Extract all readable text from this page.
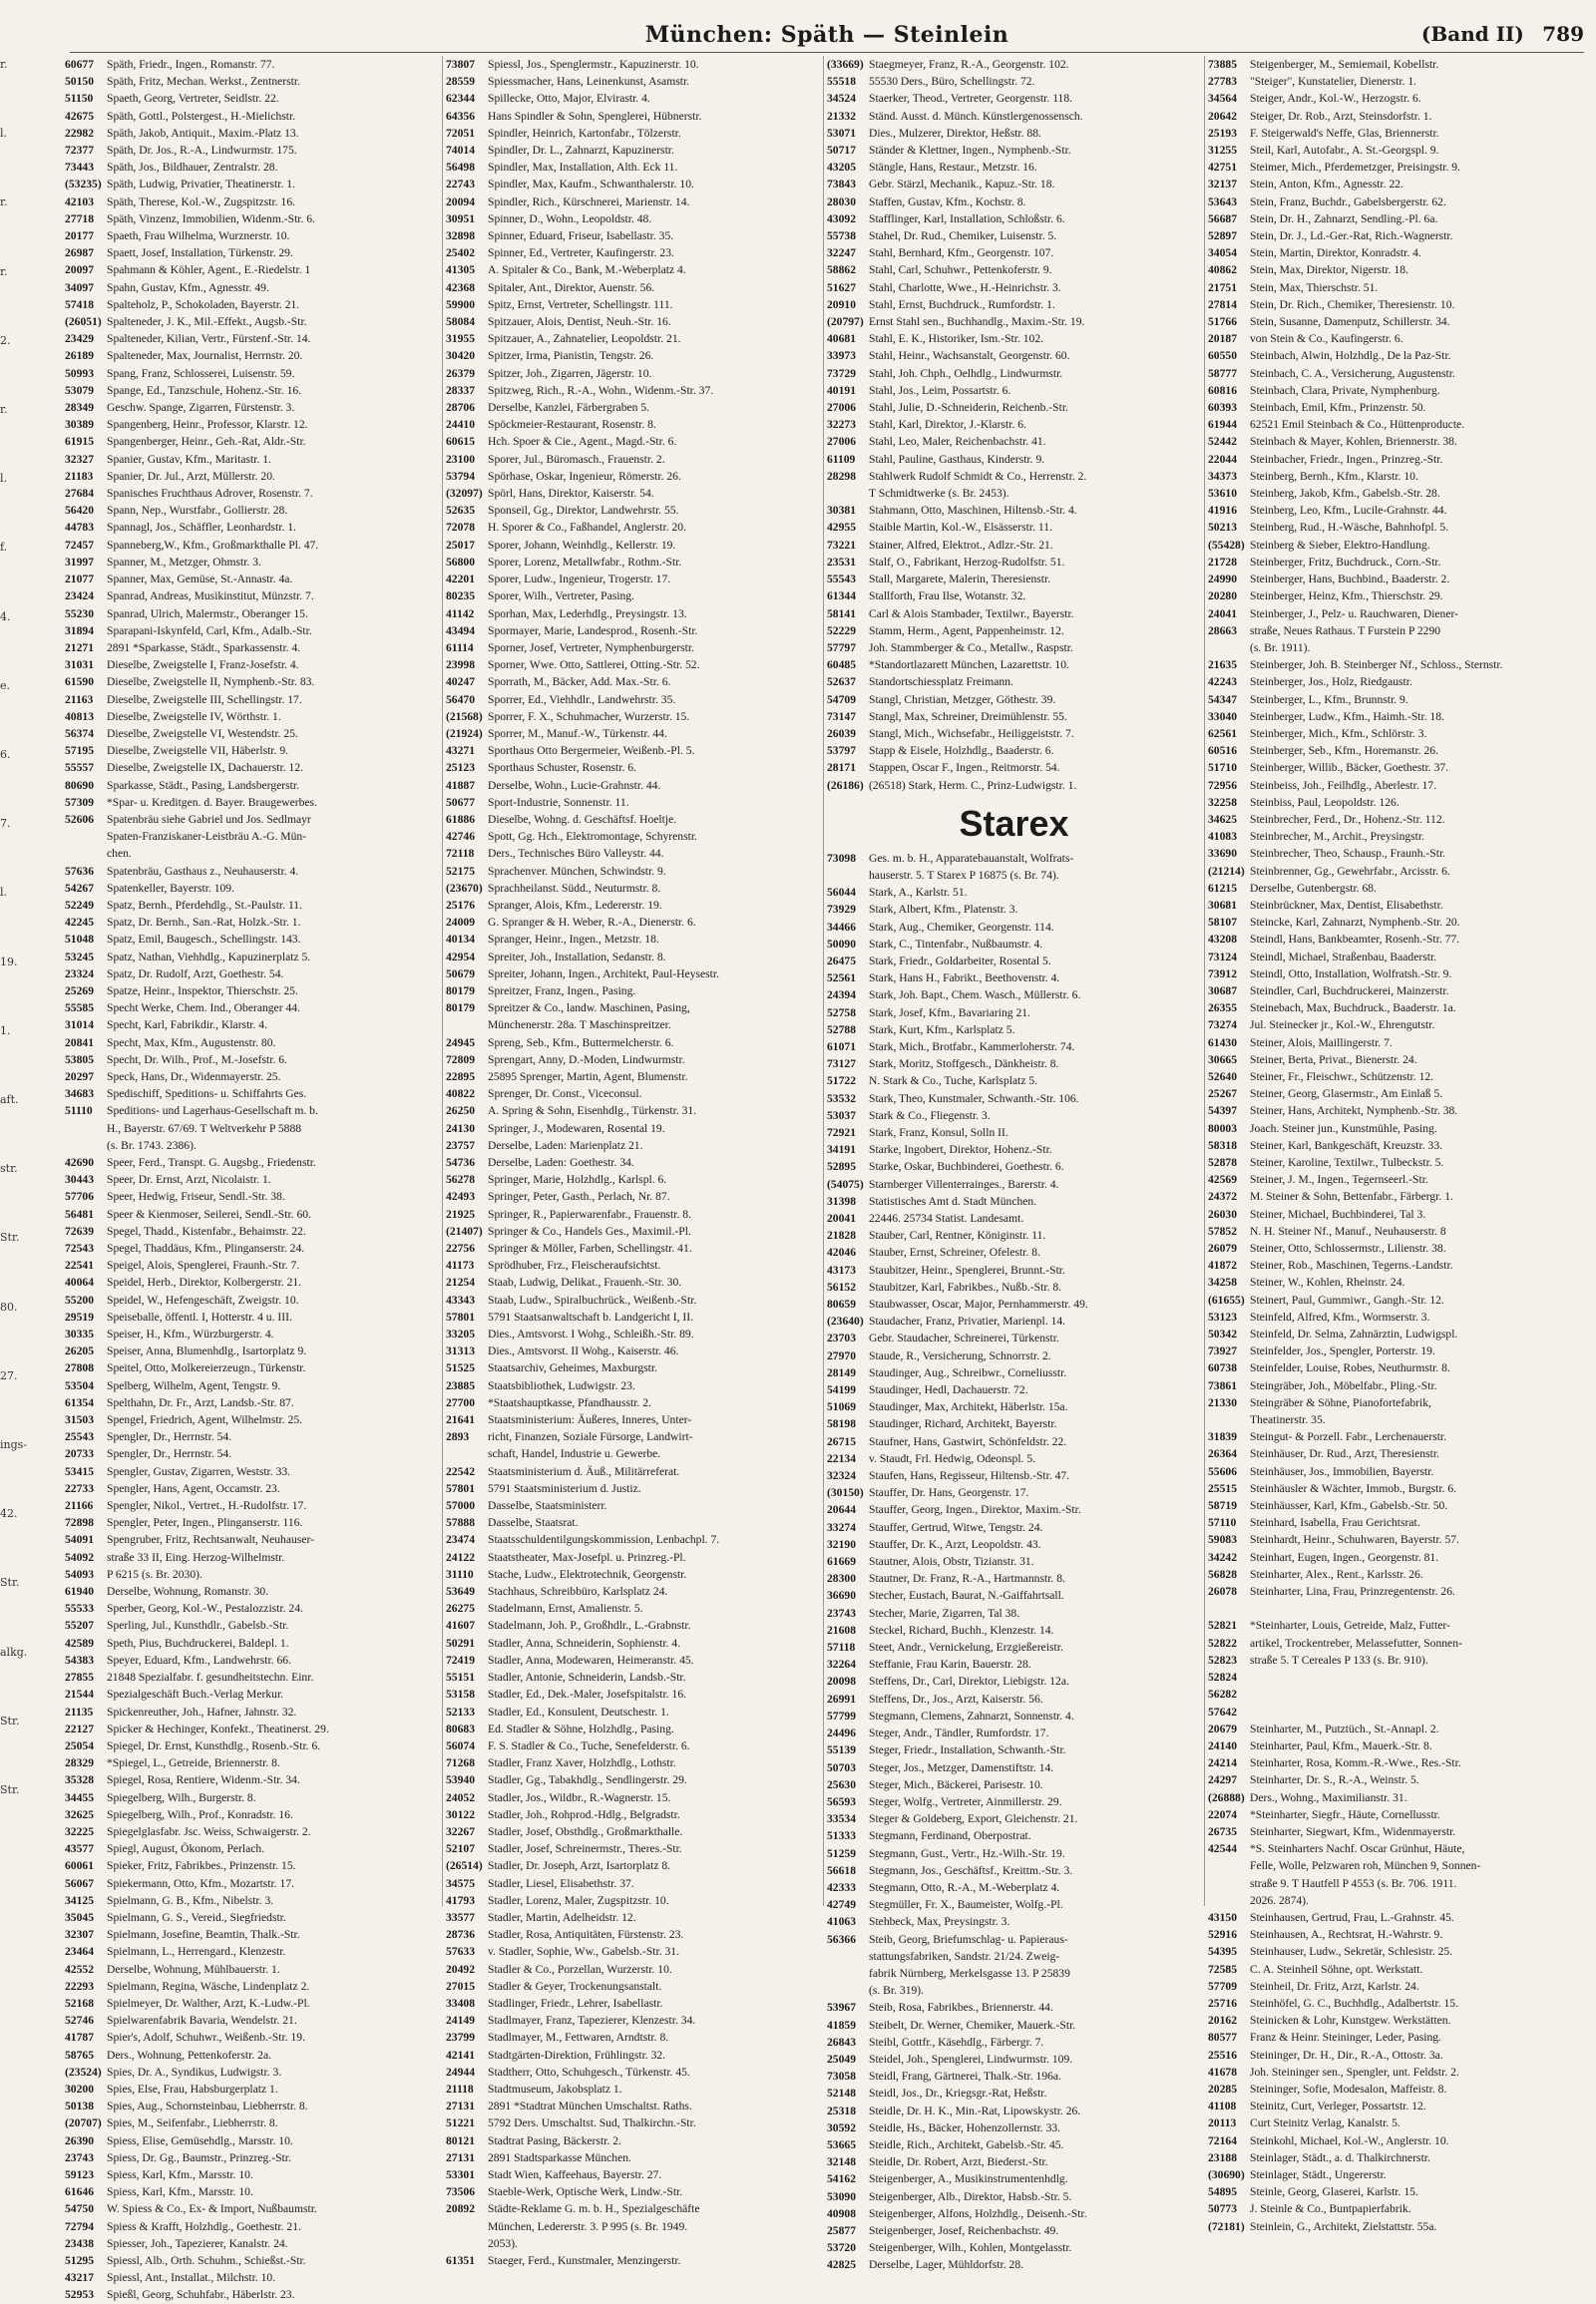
München: Späth — Steinlein	(Band II) 789
r.
l.
r.
r.
2.
r.
l.
f.
4.
e.
6.
7.
l.
19.
1.
aft.
str.
Str.
80.
27.
ings-
42.
Str.
alkg.
Str.
Str.
60677 Späth, Friedr., Ingen., Romanstr. 77.
50150 Späth, Fritz, Mechan. Werkst., Zentnerstr.
51150 Spaeth, Georg, Vertreter, Seidlstr. 22.
42675 Späth, Gottl., Polstergest., H.-Mielichstr.
22982 Späth, Jakob, Antiquit., Maxim.-Platz 13.
72377 Späth, Dr. Jos., R.-A., Lindwurmstr. 175.
73443 Späth, Jos., Bildhauer, Zentralstr. 28.
(53235) Späth, Ludwig, Privatier, Theatinerstr. 1.
42103 Späth, Therese, Kol.-W., Zugspitzstr. 16.
27718 Späth, Vinzenz, Immobilien, Widenm.-Str. 6.
20177 Spaeth, Frau Wilhelma, Wurznerstr. 10.
26987 Spaett, Josef, Installation, Türkenstr. 29.
20097 Spahmann & Köhler, Agent., E.-Riedelstr. 1
34097 Spahn, Gustav, Kfm., Agnesstr. 49.
57418 Spalteholz, P., Schokoladen, Bayerstr. 21.
(26051) Spalteneder, J. K., Mil.-Effekt., Augsb.-Str.
23429 Spalteneder, Kilian, Vertr., Fürstenf.-Str. 14.
26189 Spalteneder, Max, Journalist, Herrnstr. 20.
50993 Spang, Franz, Schlosserei, Luisenstr. 59.
53079 Spange, Ed., Tanzschule, Hohenz.-Str. 16.
28349 Geschw. Spange, Zigarren, Fürstenstr. 3.
30389 Spangenberg, Heinr., Professor, Klarstr. 12.
61915 Spangenberger, Heinr., Geh.-Rat, Aldr.-Str.
32327 Spanier, Gustav, Kfm., Maritastr. 1.
21183 Spanier, Dr. Jul., Arzt, Müllerstr. 20.
27684 Spanisches Fruchthaus Adrover, Rosenstr. 7.
56420 Spann, Nep., Wurstfabr., Gollierstr. 28.
44783 Spannagl, Jos., Schäffler, Leonhardstr. 1.
72457 Spanneberg,W., Kfm., Großmarkthalle Pl. 47.
31997 Spanner, M., Metzger, Ohmstr. 3.
21077 Spanner, Max, Gemüse, St.-Annastr. 4a.
23424 Spanrad, Andreas, Musikinstitut, Münzstr. 7.
55230 Spanrad, Ulrich, Malermstr., Oberanger 15.
31894 Sparapani-Iskynfeld, Carl, Kfm., Adalb.-Str.
21271 2891 *Sparkasse, Städt., Sparkassenstr. 4.
31031 Dieselbe, Zweigstelle I, Franz-Josefstr. 4.
61590 Dieselbe, Zweigstelle II, Nymphenb.-Str. 83.
21163 Dieselbe, Zweigstelle III, Schellingstr. 17.
40813 Dieselbe, Zweigstelle IV, Wörthstr. 1.
56374 Dieselbe, Zweigstelle VI, Westendstr. 25.
57195 Dieselbe, Zweigstelle VII, Häberlstr. 9.
55557 Dieselbe, Zweigstelle IX, Dachauerstr. 12.
80690 Sparkasse, Städt., Pasing, Landsbergerstr.
57309 *Spar- u. Kreditgen. d. Bayer. Braugewerbes.
52606 Spatenbräu siehe Gabriel und Jos. Sedlmayr
Spaten-Franziskaner-Leistbräu A.-G. Mün-
chen.
57636 Spatenbräu, Gasthaus z., Neuhauserstr. 4.
54267 Spatenkeller, Bayerstr. 109.
52249 Spatz, Bernh., Pferdehdlg., St.-Paulstr. 11.
42245 Spatz, Dr. Bernh., San.-Rat, Holzk.-Str. 1.
51048 Spatz, Emil, Baugesch., Schellingstr. 143.
53245 Spatz, Nathan, Viehhdlg., Kapuzinerplatz 5.
23324 Spatz, Dr. Rudolf, Arzt, Goethestr. 54.
25269 Spatze, Heinr., Inspektor, Thierschstr. 25.
55585 Specht Werke, Chem. Ind., Oberanger 44.
31014 Specht, Karl, Fabrikdir., Klarstr. 4.
20841 Specht, Max, Kfm., Augustenstr. 80.
53805 Specht, Dr. Wilh., Prof., M.-Josefstr. 6.
20297 Speck, Hans, Dr., Widenmayerstr. 25.
34683 Spedischiff, Speditions- u. Schiffahrts Ges.
51110 Speditions- und Lagerhaus-Gesellschaft m. b.
H., Bayerstr. 67/69. T Weltverkehr P 5888
(s. Br. 1743. 2386).
42690 Speer, Ferd., Transpt. G. Augsbg., Friedenstr.
30443 Speer, Dr. Ernst, Arzt, Nicolaistr. 1.
57706 Speer, Hedwig, Friseur, Sendl.-Str. 38.
56481 Speer & Kienmoser, Seilerei, Sendl.-Str. 60.
72639 Spegel, Thadd., Kistenfabr., Behaimstr. 22.
72543 Spegel, Thaddäus, Kfm., Plinganserstr. 24.
22541 Speigel, Alois, Spenglerei, Fraunh.-Str. 7.
40064 Speidel, Herb., Direktor, Kolbergerstr. 21.
55200 Speidel, W., Hefengeschäft, Zweigstr. 10.
29519 Speiseballe, öffentl. I, Hotterstr. 4 u. III.
30335 Speiser, H., Kfm., Würzburgerstr. 4.
26205 Speiser, Anna, Blumenhdlg., Isartorplatz 9.
27808 Speitel, Otto, Molkereierzeugn., Türkenstr.
53504 Spelberg, Wilhelm, Agent, Tengstr. 9.
61354 Spelthahn, Dr. Fr., Arzt, Landsb.-Str. 87.
31503 Spengel, Friedrich, Agent, Wilhelmstr. 25.
25543 Spengler, Dr., Herrnstr. 54.
20733 Spengler, Dr., Herrnstr. 54.
53415 Spengler, Gustav, Zigarren, Weststr. 33.
22733 Spengler, Hans, Agent, Occamstr. 23.
21166 Spengler, Nikol., Vertret., H.-Rudolfstr. 17.
72898 Spengler, Peter, Ingen., Plinganserstr. 116.
54091 Spengruber, Fritz, Rechtsanwalt, Neuhauser-
54092 straße 33 II, Eing. Herzog-Wilhelmstr.
54093 P 6215 (s. Br. 2030).
61940 Derselbe, Wohnung, Romanstr. 30.
55533 Sperber, Georg, Kol.-W., Pestalozzistr. 24.
55207 Sperling, Jul., Kunsthdlr., Gabelsb.-Str.
42589 Speth, Pius, Buchdruckerei, Baldepl. 1.
54383 Speyer, Eduard, Kfm., Landwehrstr. 66.
27855 21848 Spezialfabr. f. gesundheitstechn. Einr.
21544 Spezialgeschäft Buch.-Verlag Merkur.
21135 Spickenreuther, Joh., Hafner, Jahnstr. 32.
22127 Spicker & Hechinger, Konfekt., Theatinerst. 29.
25054 Spiegel, Dr. Ernst, Kunsthdlg., Rosenb.-Str. 6.
28329 *Spiegel, L., Getreide, Briennerstr. 8.
35328 Spiegel, Rosa, Rentiere, Widenm.-Str. 34.
34455 Spiegelberg, Wilh., Burgerstr. 8.
32625 Spiegelberg, Wilh., Prof., Konradstr. 16.
32225 Spiegelglasfabr. Jsc. Weiss, Schwaigerstr. 2.
43577 Spiegl, August, Ökonom, Perlach.
60061 Spieker, Fritz, Fabrikbes., Prinzenstr. 15.
56067 Spiekermann, Otto, Kfm., Mozartstr. 17.
34125 Spielmann, G. B., Kfm., Nibelstr. 3.
35045 Spielmann, G. S., Vereid., Siegfriedstr.
32307 Spielmann, Josefine, Beamtin, Thalk.-Str.
23464 Spielmann, L., Herrengard., Klenzestr.
42552 Derselbe, Wohnung, Mühlbauerstr. 1.
22293 Spielmann, Regina, Wäsche, Lindenplatz 2.
52168 Spielmeyer, Dr. Walther, Arzt, K.-Ludw.-Pl.
52746 Spielwarenfabrik Bavaria, Wendelstr. 21.
41787 Spier's, Adolf, Schuhwr., Weißenb.-Str. 19.
58765 Ders., Wohnung, Pettenkoferstr. 2a.
(23524) Spies, Dr. A., Syndikus, Ludwigstr. 3.
30200 Spies, Else, Frau, Habsburgerplatz 1.
50138 Spies, Aug., Schornsteinbau, Liebherrstr. 8.
(20707) Spies, M., Seifenfabr., Liebherrstr. 8.
26390 Spiess, Elise, Gemüsehdlg., Marsstr. 10.
23743 Spiess, Dr. Gg., Baumstr., Prinzreg.-Str.
59123 Spiess, Karl, Kfm., Marsstr. 10.
61646 Spiess, Karl, Kfm., Marsstr. 10.
54750 W. Spiess & Co., Ex- & Import, Nußbaumstr.
72794 Spiess & Krafft, Holzhdlg., Goethestr. 21.
23438 Spiesser, Joh., Tapezierer, Kanalstr. 24.
51295 Spiessl, Alb., Orth. Schuhm., Schießst.-Str.
43217 Spiessl, Ant., Installat., Milchstr. 10.
52953 Spießl, Georg, Schuhfabr., Häberlstr. 23.
73807 Spiessl, Jos., Spenglermstr., Kapuzinerstr. 10.
28559 Spiessmacher, Hans, Leinenkunst, Asamstr.
62344 Spillecke, Otto, Major, Elvirastr. 4.
64356 Hans Spindler & Sohn, Spenglerei, Hübnerstr.
72051 Spindler, Heinrich, Kartonfabr., Tölzerstr.
74014 Spindler, Dr. L., Zahnarzt, Kapuzinerstr.
56498 Spindler, Max, Installation, Alth. Eck 11.
22743 Spindler, Max, Kaufm., Schwanthalerstr. 10.
20094 Spindler, Rich., Kürschnerei, Marienstr. 14.
30951 Spinner, D., Wohn., Leopoldstr. 48.
32898 Spinner, Eduard, Friseur, Isabellastr. 35.
25402 Spinner, Ed., Vertreter, Kaufingerstr. 23.
41305 A. Spitaler & Co., Bank, M.-Weberplatz 4.
42368 Spitaler, Ant., Direktor, Auenstr. 56.
59900 Spitz, Ernst, Vertreter, Schellingstr. 111.
58084 Spitzauer, Alois, Dentist, Neuh.-Str. 16.
31955 Spitzauer, A., Zahnatelier, Leopoldstr. 21.
30420 Spitzer, Irma, Pianistin, Tengstr. 26.
26379 Spitzer, Joh., Zigarren, Jägerstr. 10.
28337 Spitzweg, Rich., R.-A., Wohn., Widenm.-Str. 37.
28706 Derselbe, Kanzlei, Färbergraben 5.
24410 Spöckmeier-Restaurant, Rosenstr. 8.
60615 Hch. Spoer & Cie., Agent., Magd.-Str. 6.
23100 Sporer, Jul., Büromasch., Frauenstr. 2.
53794 Spörhase, Oskar, Ingenieur, Römerstr. 26.
(32097) Spörl, Hans, Direktor, Kaiserstr. 54.
52635 Sponseil, Gg., Direktor, Landwehrstr. 55.
72078 H. Sporer & Co., Faßhandel, Anglerstr. 20.
25017 Sporer, Johann, Weinhdlg., Kellerstr. 19.
56800 Sporer, Lorenz, Metallwfabr., Rothm.-Str.
42201 Sporer, Ludw., Ingenieur, Trogerstr. 17.
80235 Sporer, Wilh., Vertreter, Pasing.
41142 Sporhan, Max, Lederhdlg., Preysingstr. 13.
43494 Spormayer, Marie, Landesprod., Rosenh.-Str.
61114 Sporner, Josef, Vertreter, Nymphenburgerstr.
23998 Sporner, Wwe. Otto, Sattlerei, Otting.-Str. 52.
40247 Sporrath, M., Bäcker, Add. Max.-Str. 6.
56470 Sporrer, Ed., Viehhdlr., Landwehrstr. 35.
(21568) Sporrer, F. X., Schuhmacher, Wurzerstr. 15.
(21924) Sporrer, M., Manuf.-W., Türkenstr. 44.
43271 Sporthaus Otto Bergermeier, Weißenb.-Pl. 5.
25123 Sporthaus Schuster, Rosenstr. 6.
41887 Derselbe, Wohn., Lucie-Grahnstr. 44.
50677 Sport-Industrie, Sonnenstr. 11.
61886 Dieselbe, Wohng. d. Geschäftsf. Hoeltje.
42746 Spott, Gg. Hch., Elektromontage, Schyrenstr.
72118 Ders., Technisches Büro Valleystr. 44.
52175 Sprachenver. München, Schwindstr. 9.
(23670) Sprachheilanst. Südd., Neuturmstr. 8.
25176 Spranger, Alois, Kfm., Ledererstr. 19.
24009 G. Spranger & H. Weber, R.-A., Dienerstr. 6.
40134 Spranger, Heinr., Ingen., Metzstr. 18.
42954 Spreiter, Joh., Installation, Sedanstr. 8.
50679 Spreiter, Johann, Ingen., Architekt, Paul-Heysestr.
80179 Spreitzer, Franz, Ingen., Pasing.
80179 Spreitzer & Co., landw. Maschinen, Pasing,
Münchenerstr. 28a. T Maschinspreitzer.
24945 Spreng, Seb., Kfm., Buttermelcherstr. 6.
72809 Sprengart, Anny, D.-Moden, Lindwurmstr.
22895 25895 Sprenger, Martin, Agent, Blumenstr.
40822 Sprenger, Dr. Const., Viceconsul.
26250 A. Spring & Sohn, Eisenhdlg., Türkenstr. 31.
24130 Springer, J., Modewaren, Rosental 19.
23757 Derselbe, Laden: Marienplatz 21.
54736 Derselbe, Laden: Goethestr. 34.
56278 Springer, Marie, Holzhdlg., Karlspl. 6.
42493 Springer, Peter, Gasth., Perlach, Nr. 87.
21925 Springer, R., Papierwarenfabr., Frauenstr. 8.
(21407) Springer & Co., Handels Ges., Maximil.-Pl.
22756 Springer & Möller, Farben, Schellingstr. 41.
41173 Sprödhuber, Frz., Fleischeraufsichtst.
21254 Staab, Ludwig, Delikat., Frauenh.-Str. 30.
43343 Staab, Ludw., Spiralbuchrück., Weißenb.-Str.
57801 5791 Staatsanwaltschaft b. Landgericht I, II.
33205 Dies., Amtsvorst. I Wohg., Schleißh.-Str. 89.
31313 Dies., Amtsvorst. II Wohg., Kaiserstr. 46.
51525 Staatsarchiv, Geheimes, Maxburgstr.
23885 Staatsbibliothek, Ludwigstr. 23.
27700 *Staatshauptkasse, Pfandhausstr. 2.
21641 Staatsministerium: Äußeres, Inneres, Unter-
2893 richt, Finanzen, Soziale Fürsorge, Landwirt-
schaft, Handel, Industrie u. Gewerbe.
22542 Staatsministerium d. Äuß., Militärreferat.
57801 5791 Staatsministerium d. Justiz.
57000 Dasselbe, Staatsministerr.
57888 Dasselbe, Staatsrat.
23474 Staatsschuldentilgungskommission, Lenbachpl. 7.
24122 Staatstheater, Max-Josefpl. u. Prinzreg.-Pl.
31110 Stache, Ludw., Elektrotechnik, Georgenstr.
53649 Stachhaus, Schreibbüro, Karlsplatz 24.
26275 Stadelmann, Ernst, Amalienstr. 5.
41607 Stadelmann, Joh. P., Großhdlr., L.-Grabnstr.
50291 Stadler, Anna, Schneiderin, Sophienstr. 4.
72419 Stadler, Anna, Modewaren, Heimeranstr. 45.
55151 Stadler, Antonie, Schneiderin, Landsb.-Str.
53158 Stadler, Ed., Dek.-Maler, Josefspitalstr. 16.
52133 Stadler, Ed., Konsulent, Deutschestr. 1.
80683 Ed. Stadler & Söhne, Holzhdlg., Pasing.
56074 F. S. Stadler & Co., Tuche, Senefelderstr. 6.
71268 Stadler, Franz Xaver, Holzhdlg., Lothstr.
53940 Stadler, Gg., Tabakhdlg., Sendlingerstr. 29.
24052 Stadler, Jos., Wildbr., R.-Wagnerstr. 15.
30122 Stadler, Joh., Rohprod.-Hdlg., Belgradstr.
32267 Stadler, Josef, Obsthdlg., Großmarkthalle.
52107 Stadler, Josef, Schreinermstr., Theres.-Str.
(26514) Stadler, Dr. Joseph, Arzt, Isartorplatz 8.
34575 Stadler, Liesel, Elisabethstr. 37.
41793 Stadler, Lorenz, Maler, Zugspitzstr. 10.
33577 Stadler, Martin, Adelheidstr. 12.
28736 Stadler, Rosa, Antiquitäten, Fürstenstr. 23.
57633 v. Stadler, Sophie, Ww., Gabelsb.-Str. 31.
20492 Stadler & Co., Porzellan, Wurzerstr. 10.
27015 Stadler & Geyer, Trockenungsanstalt.
33408 Stadlinger, Friedr., Lehrer, Isabellastr.
24149 Stadlmayer, Franz, Tapezierer, Klenzestr. 34.
23799 Stadlmayer, M., Fettwaren, Arndtstr. 8.
42141 Stadtgärten-Direktion, Frühlingstr. 32.
24944 Stadtherr, Otto, Schuhgesch., Türkenstr. 45.
21118 Stadtmuseum, Jakobsplatz 1.
27131 2891 *Stadtrat München Umschaltst. Raths.
51221 5792 Ders. Umschaltst. Sud, Thalkirchn.-Str.
80121 Stadtrat Pasing, Bäckerstr. 2.
27131 2891 Stadtsparkasse München.
53301 Stadt Wien, Kaffeehaus, Bayerstr. 27.
73506 Staeble-Werk, Optische Werk, Lindw.-Str.
20892 Städte-Reklame G. m. b. H., Spezialgeschäfte
München, Ledererstr. 3. P 995 (s. Br. 1949.
2053).
61351 Staeger, Ferd., Kunstmaler, Menzingerstr.
(33669) Staegmeyer, Franz, R.-A., Georgenstr. 102.
55518 55530 Ders., Büro, Schellingstr. 72.
34524 Staerker, Theod., Vertreter, Georgenstr. 118.
21332 Ständ. Ausst. d. Münch. Künstlergenossensch.
53071 Dies., Mulzerer, Direktor, Heßstr. 88.
50717 Ständer & Klettner, Ingen., Nymphenb.-Str.
43205 Stängle, Hans, Restaur., Metzstr. 16.
73843 Gebr. Stärzl, Mechanik., Kapuz.-Str. 18.
28030 Staffen, Gustav, Kfm., Kochstr. 8.
43092 Stafflinger, Karl, Installation, Schloßstr. 6.
55738 Stahel, Dr. Rud., Chemiker, Luisenstr. 5.
32247 Stahl, Bernhard, Kfm., Georgenstr. 107.
58862 Stahl, Carl, Schuhwr., Pettenkoferstr. 9.
51627 Stahl, Charlotte, Wwe., H.-Heinrichstr. 3.
20910 Stahl, Ernst, Buchdruck., Rumfordstr. 1.
(20797) Ernst Stahl sen., Buchhandlg., Maxim.-Str. 19.
40681 Stahl, E. K., Historiker, Ism.-Str. 102.
33973 Stahl, Heinr., Wachsanstalt, Georgenstr. 60.
73729 Stahl, Joh. Chph., Oelhdlg., Lindwurmstr.
40191 Stahl, Jos., Leim, Possartstr. 6.
27006 Stahl, Julie, D.-Schneiderin, Reichenb.-Str.
32273 Stahl, Karl, Direktor, J.-Klarstr. 6.
27006 Stahl, Leo, Maler, Reichenbachstr. 41.
61109 Stahl, Pauline, Gasthaus, Kinderstr. 9.
28298 Stahlwerk Rudolf Schmidt & Co., Herrenstr. 2.
T Schmidtwerke (s. Br. 2453).
30381 Stahmann, Otto, Maschinen, Hiltensb.-Str. 4.
42955 Staible Martin, Kol.-W., Elsässerstr. 11.
73221 Stainer, Alfred, Elektrot., Adlzr.-Str. 21.
23531 Stalf, O., Fabrikant, Herzog-Rudolfstr. 51.
55543 Stall, Margarete, Malerin, Theresienstr.
61344 Stallforth, Frau Ilse, Wotanstr. 32.
58141 Carl & Alois Stambader, Textilwr., Bayerstr.
52229 Stamm, Herm., Agent, Pappenheimstr. 12.
57797 Joh. Stammberger & Co., Metallw., Raspstr.
60485 *Standortlazarett München, Lazarettstr. 10.
52637 Standortschiessplatz Freimann.
54709 Stangl, Christian, Metzger, Göthestr. 39.
73147 Stangl, Max, Schreiner, Dreimühlenstr. 55.
26039 Stangl, Mich., Wichsefabr., Heiliggeiststr. 7.
53797 Stapp & Eisele, Holzhdlg., Baaderstr. 6.
28171 Stappen, Oscar F., Ingen., Reitmorstr. 54.
(26186) (26518) Stark, Herm. C., Prinz-Ludwigstr. 1.
Starex
73098 Ges. m. b. H., Apparatebauanstalt, Wolfrats-
hauserstr. 5. T Starex P 16875 (s. Br. 74).
56044 Stark, A., Karlstr. 51.
73929 Stark, Albert, Kfm., Platenstr. 3.
34466 Stark, Aug., Chemiker, Georgenstr. 114.
50090 Stark, C., Tintenfabr., Nußbaumstr. 4.
26475 Stark, Friedr., Goldarbeiter, Rosental 5.
52561 Stark, Hans H., Fabrikt., Beethovenstr. 4.
24394 Stark, Joh. Bapt., Chem. Wasch., Müllerstr. 6.
52758 Stark, Josef, Kfm., Bavariaring 21.
52788 Stark, Kurt, Kfm., Karlsplatz 5.
61071 Stark, Mich., Brotfabr., Kammerloherstr. 74.
73127 Stark, Moritz, Stoffgesch., Dänkheistr. 8.
51722 N. Stark & Co., Tuche, Karlsplatz 5.
53532 Stark, Theo, Kunstmaler, Schwanth.-Str. 106.
53037 Stark & Co., Fliegenstr. 3.
72921 Stark, Franz, Konsul, Solln II.
34191 Starke, Ingobert, Direktor, Hohenz.-Str.
52895 Starke, Oskar, Buchbinderei, Goethestr. 6.
(54075) Starnberger Villenterrainges., Barerstr. 4.
31398 Statistisches Amt d. Stadt München.
20041 22446. 25734 Statist. Landesamt.
21828 Stauber, Carl, Rentner, Königinstr. 11.
42046 Stauber, Ernst, Schreiner, Ofelestr. 8.
43173 Staubitzer, Heinr., Spenglerei, Brunnt.-Str.
56152 Staubitzer, Karl, Fabrikbes., Nußb.-Str. 8.
80659 Staubwasser, Oscar, Major, Pernhammerstr. 49.
(23640) Staudacher, Franz, Privatier, Marienpl. 14.
23703 Gebr. Staudacher, Schreinerei, Türkenstr.
27970 Staude, R., Versicherung, Schnorrstr. 2.
28149 Staudinger, Aug., Schreibwr., Corneliusstr.
54199 Staudinger, Hedl, Dachauerstr. 72.
51069 Staudinger, Max, Architekt, Häberlstr. 15a.
58198 Staudinger, Richard, Architekt, Bayerstr.
26715 Staufner, Hans, Gastwirt, Schönfeldstr. 22.
22134 v. Staudt, Frl. Hedwig, Odeonspl. 5.
32324 Staufen, Hans, Regisseur, Hiltensb.-Str. 47.
(30150) Stauffer, Dr. Hans, Georgenstr. 17.
20644 Stauffer, Georg, Ingen., Direktor, Maxim.-Str.
33274 Stauffer, Gertrud, Witwe, Tengstr. 24.
32190 Stauffer, Dr. K., Arzt, Leopoldstr. 43.
61669 Stautner, Alois, Obstr, Tizianstr. 31.
28300 Stautner, Dr. Franz, R.-A., Hartmannstr. 8.
36690 Stecher, Eustach, Baurat, N.-Gaiffahrtsall.
23743 Stecher, Marie, Zigarren, Tal 38.
21608 Steckel, Richard, Buchh., Klenzestr. 14.
57118 Steet, Andr., Vernickelung, Erzgießereistr.
32264 Steffanie, Frau Karin, Bauerstr. 28.
20098 Steffens, Dr., Carl, Direktor, Liebigstr. 12a.
26991 Steffens, Dr., Jos., Arzt, Kaiserstr. 56.
57799 Stegmann, Clemens, Zahnarzt, Sonnenstr. 4.
24496 Steger, Andr., Tändler, Rumfordstr. 17.
55139 Steger, Friedr., Installation, Schwanth.-Str.
50703 Steger, Jos., Metzger, Damenstiftstr. 14.
25630 Steger, Mich., Bäckerei, Parisestr. 10.
56593 Steger, Wolfg., Vertreter, Ainmillerstr. 29.
33534 Steger & Goldeberg, Export, Gleichenstr. 21.
51333 Stegmann, Ferdinand, Oberpostrat.
51259 Stegmann, Gust., Vertr., Hz.-Wilh.-Str. 19.
56618 Stegmann, Jos., Geschäftsf., Kreittm.-Str. 3.
42333 Stegmann, Otto, R.-A., M.-Weberplatz 4.
42749 Stegmüller, Fr. X., Baumeister, Wolfg.-Pl.
41063 Stehbeck, Max, Preysingstr. 3.
56366 Steib, Georg, Briefumschlag- u. Papieraus-
stattungsfabriken, Sandstr. 21/24. Zweig-
fabrik Nürnberg, Merkelsgasse 13. P 25839
(s. Br. 319).
53967 Steib, Rosa, Fabrikbes., Briennerstr. 44.
41859 Steibelt, Dr. Werner, Chemiker, Mauerk.-Str.
26843 Steibl, Gottfr., Käsehdlg., Färbergr. 7.
25049 Steidel, Joh., Spenglerei, Lindwurmstr. 109.
73058 Steidl, Frang, Gärtnerei, Thalk.-Str. 196a.
52148 Steidl, Jos., Dr., Kriegsgr.-Rat, Heßstr.
25318 Steidle, Dr. H. K., Min.-Rat, Lipowskystr. 26.
30592 Steidle, Hs., Bäcker, Hohenzollernstr. 33.
53665 Steidle, Rich., Architekt, Gabelsb.-Str. 45.
32148 Steidle, Dr. Robert, Arzt, Biederst.-Str.
54162 Steigenberger, A., Musikinstrumentenhdlg.
53090 Steigenberger, Alb., Direktor, Habsb.-Str. 5.
40908 Steigenberger, Alfons, Holzhdlg., Deisenh.-Str.
25877 Steigenberger, Josef, Reichenbachstr. 49.
53720 Steigenberger, Wilh., Kohlen, Montgelasstr.
42825 Derselbe, Lager, Mühldorfstr. 28.
73885 Steigenberger, M., Semiemail, Kobellstr.
27783 "Steiger", Kunstatelier, Dienerstr. 1.
34564 Steiger, Andr., Kol.-W., Herzogstr. 6.
20642 Steiger, Dr. Rob., Arzt, Steinsdorfstr. 1.
25193 F. Steigerwald's Neffe, Glas, Briennerstr.
31255 Steil, Karl, Autofabr., A. St.-Georgspl. 9.
42751 Steimer, Mich., Pferdemetzger, Preisingstr. 9.
32137 Stein, Anton, Kfm., Agnesstr. 22.
53643 Stein, Franz, Buchdr., Gabelsbergerstr. 62.
56687 Stein, Dr. H., Zahnarzt, Sendling.-Pl. 6a.
52897 Stein, Dr. J., Ld.-Ger.-Rat, Rich.-Wagnerstr.
34054 Stein, Martin, Direktor, Konradstr. 4.
40862 Stein, Max, Direktor, Nigerstr. 18.
21751 Stein, Max, Thierschstr. 51.
27814 Stein, Dr. Rich., Chemiker, Theresienstr. 10.
51766 Stein, Susanne, Damenputz, Schillerstr. 34.
20187 von Stein & Co., Kaufingerstr. 6.
60550 Steinbach, Alwin, Holzhdlg., De la Paz-Str.
58777 Steinbach, C. A., Versicherung, Augustenstr.
60816 Steinbach, Clara, Private, Nymphenburg.
60393 Steinbach, Emil, Kfm., Prinzenstr. 50.
61944 62521 Emil Steinbach & Co., Hüttenproducte.
52442 Steinbach & Mayer, Kohlen, Briennerstr. 38.
22044 Steinbacher, Friedr., Ingen., Prinzreg.-Str.
34373 Steinberg, Bernh., Kfm., Klarstr. 10.
53610 Steinberg, Jakob, Kfm., Gabelsb.-Str. 28.
41916 Steinberg, Leo, Kfm., Lucile-Grahnstr. 44.
50213 Steinberg, Rud., H.-Wäsche, Bahnhofpl. 5.
(55428) Steinberg & Sieber, Elektro-Handlung.
21728 Steinberger, Fritz, Buchdruck., Corn.-Str.
24990 Steinberger, Hans, Buchbind., Baaderstr. 2.
20280 Steinberger, Heinz, Kfm., Thierschstr. 29.
24041 Steinberger, J., Pelz- u. Rauchwaren, Diener-
28663 straße, Neues Rathaus. T Furstein P 2290
(s. Br. 1911).
21635 Steinberger, Joh. B. Steinberger Nf., Schloss., Sternstr.
42243 Steinberger, Jos., Holz, Riedgaustr.
54347 Steinberger, L., Kfm., Brunnstr. 9.
33040 Steinberger, Ludw., Kfm., Haimh.-Str. 18.
62561 Steinberger, Mich., Kfm., Schlörstr. 3.
60516 Steinberger, Seb., Kfm., Horemanstr. 26.
51710 Steinberger, Willib., Bäcker, Goethestr. 37.
72956 Steinbeiss, Joh., Feilhdlg., Aberlestr. 17.
32258 Steinbiss, Paul, Leopoldstr. 126.
34625 Steinbrecher, Ferd., Dr., Hohenz.-Str. 112.
41083 Steinbrecher, M., Archit., Preysingstr.
33690 Steinbrecher, Theo, Schausp., Fraunh.-Str.
(21214) Steinbrenner, Gg., Gewehrfabr., Arcisstr. 6.
61215 Derselbe, Gutenbergstr. 68.
30681 Steinbrückner, Max, Dentist, Elisabethstr.
58107 Steincke, Karl, Zahnarzt, Nymphenb.-Str. 20.
43208 Steindl, Hans, Bankbeamter, Rosenh.-Str. 77.
73124 Steindl, Michael, Straßenbau, Baaderstr.
73912 Steindl, Otto, Installation, Wolfratsh.-Str. 9.
30687 Steindler, Carl, Buchdruckerei, Mainzerstr.
26355 Steinebach, Max, Buchdruck., Baaderstr. 1a.
73274 Jul. Steinecker jr., Kol.-W., Ehrengutstr.
61430 Steiner, Alois, Maillingerstr. 7.
30665 Steiner, Berta, Privat., Bienerstr. 24.
52640 Steiner, Fr., Fleischwr., Schützenstr. 12.
25267 Steiner, Georg, Glasermstr., Am Einlaß 5.
54397 Steiner, Hans, Architekt, Nymphenb.-Str. 38.
80003 Joach. Steiner jun., Kunstmühle, Pasing.
58318 Steiner, Karl, Bankgeschäft, Kreuzstr. 33.
52878 Steiner, Karoline, Textilwr., Tulbeckstr. 5.
42569 Steiner, J. M., Ingen., Tegernseerl.-Str.
24372 M. Steiner & Sohn, Bettenfabr., Färbergr. 1.
26030 Steiner, Michael, Buchbinderei, Tal 3.
57852 N. H. Steiner Nf., Manuf., Neuhauserstr. 8
26079 Steiner, Otto, Schlossermstr., Lilienstr. 38.
41872 Steiner, Rob., Maschinen, Tegerns.-Landstr.
34258 Steiner, W., Kohlen, Rheinstr. 24.
(61655) Steinert, Paul, Gummiwr., Gangh.-Str. 12.
53123 Steinfeld, Alfred, Kfm., Wormserstr. 3.
50342 Steinfeld, Dr. Selma, Zahnärztin, Ludwigspl.
73927 Steinfelder, Jos., Spengler, Porterstr. 19.
60738 Steinfelder, Louise, Robes, Neuthurmstr. 8.
73861 Steingräber, Joh., Möbelfabr., Pling.-Str.
21330 Steingräber & Söhne, Pianofortefabrik,
Theatinerstr. 35.
31839 Steingut- & Porzell. Fabr., Lerchenauerstr.
26364 Steinhäuser, Dr. Rud., Arzt, Theresienstr.
55606 Steinhäuser, Jos., Immobilien, Bayerstr.
25515 Steinhäusler & Wächter, Immob., Burgstr. 6.
58719 Steinhäusser, Karl, Kfm., Gabelsb.-Str. 50.
57110 Steinhard, Isabella, Frau Gerichtsrat.
59083 Steinhardt, Heinr., Schuhwaren, Bayerstr. 57.
34242 Steinhart, Eugen, Ingen., Georgenstr. 81.
56828 Steinharter, Alex., Rent., Karlsstr. 26.
26078 Steinharter, Lina, Frau, Prinzregentenstr. 26.
52821 *Steinharter, Louis, Getreide, Malz, Futter-
52822 artikel, Trockentreber, Melassefutter, Sonnen-
52823 straße 5. T Cereales P 133 (s. Br. 910).
52824
56282
57642
20679 Steinharter, M., Putztüch., St.-Annapl. 2.
24140 Steinharter, Paul, Kfm., Mauerk.-Str. 8.
24214 Steinharter, Rosa, Komm.-R.-Wwe., Res.-Str.
24297 Steinharter, Dr. S., R.-A., Weinstr. 5.
(26888) Ders., Wohng., Maximilianstr. 31.
22074 *Steinharter, Siegfr., Häute, Cornellusstr.
26735 Steinharter, Siegwart, Kfm., Widenmayerstr.
42544 *S. Steinharters Nachf. Oscar Grünhut, Häute,
Felle, Wolle, Pelzwaren roh, München 9, Sonnen-
straße 9. T Hautfell P 4553 (s. Br. 706. 1911.
2026. 2874).
43150 Steinhausen, Gertrud, Frau, L.-Grahnstr. 45.
52916 Steinhausen, A., Rechtsrat, H.-Wahrstr. 9.
54395 Steinhauser, Ludw., Sekretär, Schlesistr. 25.
72585 C. A. Steinheil Söhne, opt. Werkstatt.
57709 Steinheil, Dr. Fritz, Arzt, Karlstr. 24.
25716 Steinhöfel, G. C., Buchhdlg., Adalbertstr. 15.
20162 Steinicken & Lohr, Kunstgew. Werkstätten.
80577 Franz & Heinr. Steininger, Leder, Pasing.
25516 Steininger, Dr. H., Dir., R.-A., Ottostr. 3a.
41678 Joh. Steininger sen., Spengler, unt. Feldstr. 2.
20285 Steininger, Sofie, Modesalon, Maffeistr. 8.
41108 Steinitz, Curt, Verleger, Possartstr. 12.
20113 Curt Steinitz Verlag, Kanalstr. 5.
72164 Steinkohl, Michael, Kol.-W., Anglerstr. 10.
23188 Steinlager, Städt., a. d. Thalkirchnerstr.
(30690) Steinlager, Städt., Ungererstr.
54895 Steinle, Georg, Glaserei, Karlstr. 15.
50773 J. Steinle & Co., Buntpapierfabrik.
(72181) Steinlein, G., Architekt, Zielstattstr. 55a.
